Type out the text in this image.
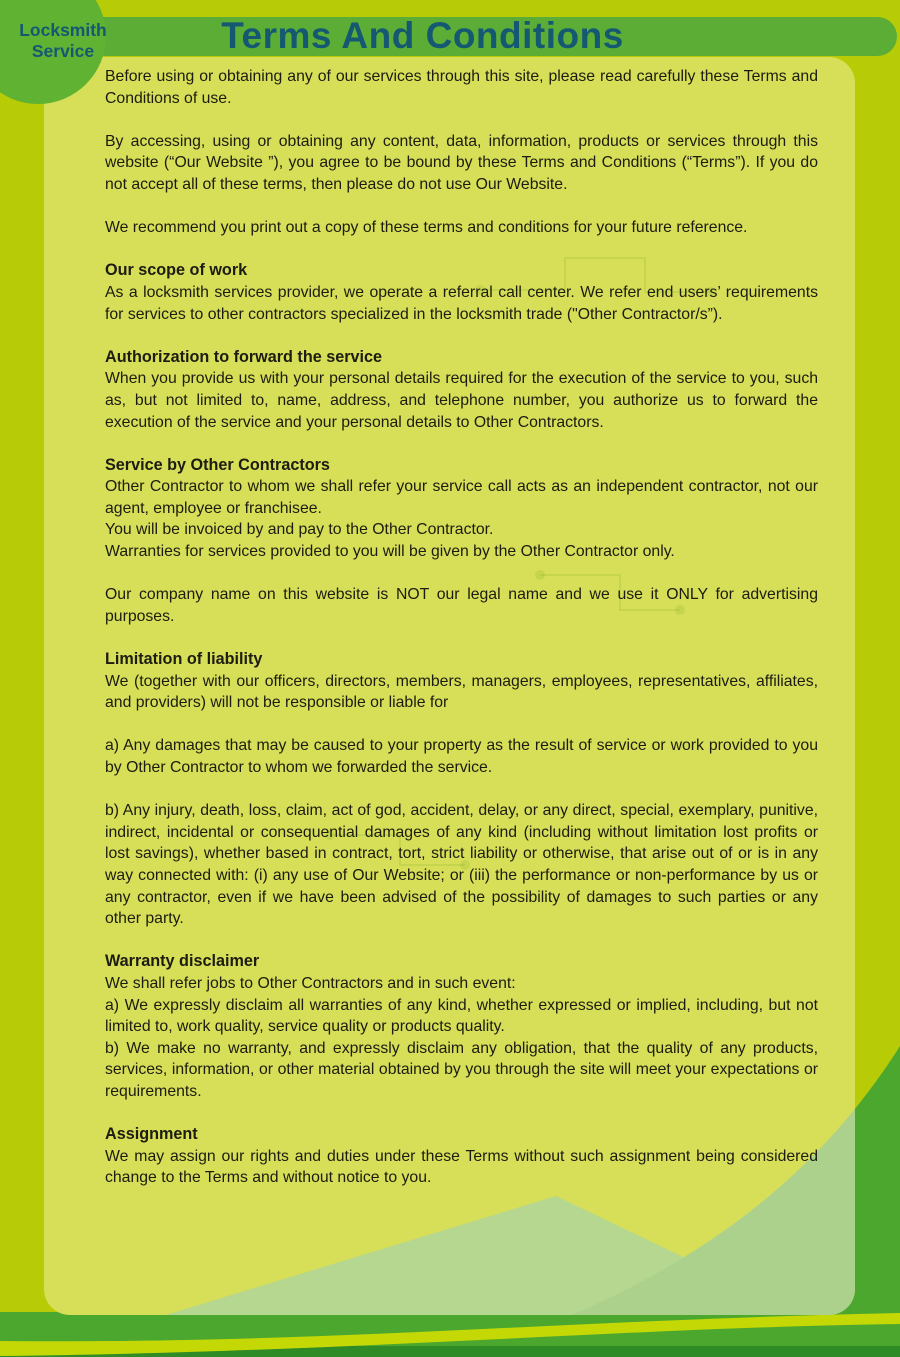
Before using or obtaining any of our services through this site, please read carefully these Terms and Conditions of use.

By accessing, using or obtaining any content, data, information, products or services through this website (“Our Website ”), you agree to be bound by these Terms and Conditions (“Terms”). If you do not accept all of these terms, then please do not use Our Website.

We recommend you print out a copy of these terms and conditions for your future reference.

Our scope of work

As a locksmith services provider, we operate a referral call center. We refer end users’ requirements for services to other contractors specialized in the locksmith trade ("Other Contractor/s”).

Authorization to forward the service

When you provide us with your personal details required for the execution of the service to you, such as, but not limited to, name, address, and telephone number, you authorize us to forward the execution of the service and your personal details to Other Contractors.

Service by Other Contractors

Other Contractor to whom we shall refer your service call acts as an independent contractor, not our agent, employee or franchisee.

You will be invoiced by and pay to the Other Contractor.

Warranties for services provided to you will be given by the Other Contractor only.

Our company name on this website is NOT our legal name and we use it ONLY for advertising purposes.

Limitation of liability

We (together with our officers, directors, members, managers, employees, representatives, affiliates, and providers) will not be responsible or liable for

a) Any damages that may be caused to your property as the result of service or work provided to you by Other Contractor to whom we forwarded the service.

b) Any injury, death, loss, claim, act of god, accident, delay, or any direct, special, exemplary, punitive, indirect, incidental or consequential damages of any kind (including without limitation lost profits or lost savings), whether based in contract, tort, strict liability or otherwise, that arise out of or is in any way connected with: (i) any use of Our Website; or (iii) the performance or non-performance by us or any contractor, even if we have been advised of the possibility of damages to such parties or any other party.

Warranty disclaimer

We shall refer jobs to Other Contractors and in such event:

a) We expressly disclaim all warranties of any kind, whether expressed or implied, including, but not limited to, work quality, service quality or products quality.

b) We make no warranty, and expressly disclaim any obligation, that the quality of any products, services, information, or other material obtained by you through the site will meet your expectations or requirements.

Assignment

We may assign our rights and duties under these Terms without such assignment being considered change to the Terms and without notice to you.

Terms And Conditions
Locksmith
Service
